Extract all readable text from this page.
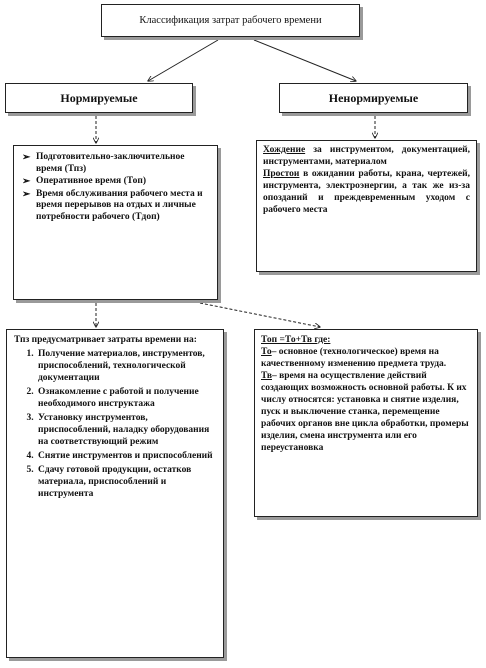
Классификация затрат рабочего времени
Нормируемые	Ненормируемые
➢ Подготовительно-заключительное время (Тпз)
➢ Оперативное время (Топ)
➢ Время обслуживания рабочего места и время перерывов на отдых и личные потребности рабочего (Тдоп)

Хождение за инструментом, документацией, инструментами, материалом

Простои в ожидании работы, крана, чертежей, инструмента, электроэнергии, а так же из-за опозданий и преждевременным уходом с рабочего места

Тпз предусматривает затраты времени на:

1. Получение материалов, инструментов, приспособлений, технологической документации
2. Ознакомление с работой и получение необходимого инструктажа
3. Установку инструментов, приспособлений, наладку оборудования на соответствующий режим
4. Снятие инструментов и приспособлений
5. Сдачу готовой продукции, остатков материала, приспособлений и инструмента

Топ =То+Тв где:

То– основное (технологическое) время на качественному изменению предмета труда.

Тв– время на осуществление действий создающих возможность основной работы. К их числу относятся: установка и снятие изделия, пуск и выключение станка, перемещение рабочих органов вне цикла обработки, промеры изделия, смена инструмента или его переустановка
